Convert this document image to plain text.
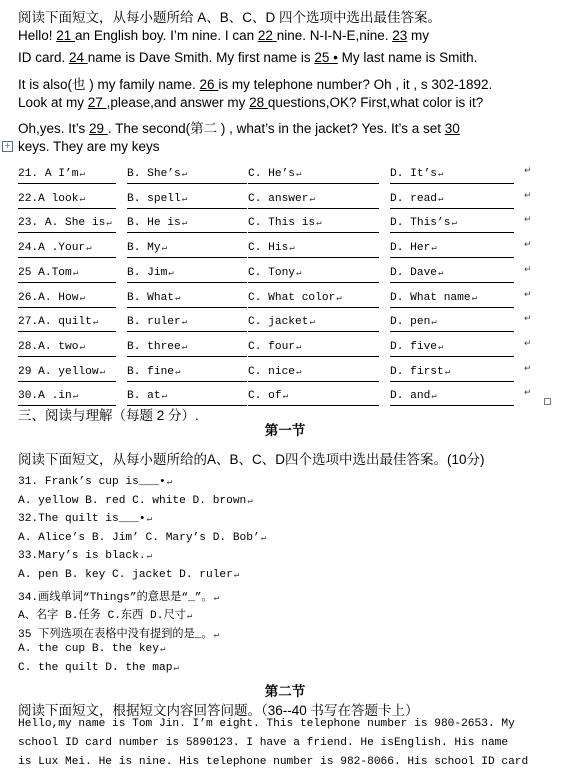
阅读下面短文，从每小题所给 A、B、C、D 四个选项中选出最佳答案。
Hello! 21 an English boy. I’m nine. I can 22 nine. N-I-N-E,nine. 23 my
ID card. 24 name is Dave Smith. My first name is 25 • My last name is Smith.
It is also(也 ) my family name. 26 is my telephone number? Oh , it , s 302-1892.
Look at my 27 ,please,and answer my 28 questions,OK? First,what color is it?
Oh,yes. It’s 29 . The second(第二 ) , what’s in the jacket? Yes. It’s a set 30
keys. They are my keys
+
21. A I’m↵	B. She’s↵	C. He’s↵	D. It’s↵	↵
22.A look↵	B. spell↵	C. answer↵	D. read↵	↵
23. A. She is↵	B. He is↵	C. This is↵	D. This’s↵	↵
24.A .Your↵	B. My↵	C. His↵	D. Her↵	↵
25 A.Tom↵	B. Jim↵	C. Tony↵	D. Dave↵	↵
26.A. How↵	B. What↵	C. What color↵	D. What name↵	↵
27.A. quilt↵	B. ruler↵	C. jacket↵	D. pen↵	↵
28.A. two↵	B. three↵	C. four↵	D. five↵	↵
29 A. yellow↵	B. fine↵	C. nice↵	D. first↵	↵
30.A .in↵	B. at↵	C. of↵	D. and↵	↵
三、阅读与理解（每题 2 分）.
第一节
阅读下面短文，从每小题所给的A、B、C、D四个选项中选出最佳答案。(10分)
31. Frank’s cup is___•↵
A. yellow B. red C. white D. brown↵
32.The quilt is___•↵
A. Alice’s B. Jim’ C. Mary’s D. Bob’↵
33.Mary’s is black.↵
A. pen B. key C. jacket D. ruler↵
34.画线单词“Things”的意思是“_”。↵
A、名字 B.任务 C.东西 D.尺寸↵
35 下列选项在表格中没有提到的是_。↵
A. the cup B. the key↵
C. the quilt D. the map↵
第二节
阅读下面短文，根据短文内容回答问题。（36--40 书写在答题卡上）
Hello,my name is Tom Jin. I’m eight. This telephone number is 980-2653. My
school ID card number is 5890123. I have a friend. He isEnglish. His name
is Lux Mei. He is nine. His telephone number is 982-8066. His school ID card
